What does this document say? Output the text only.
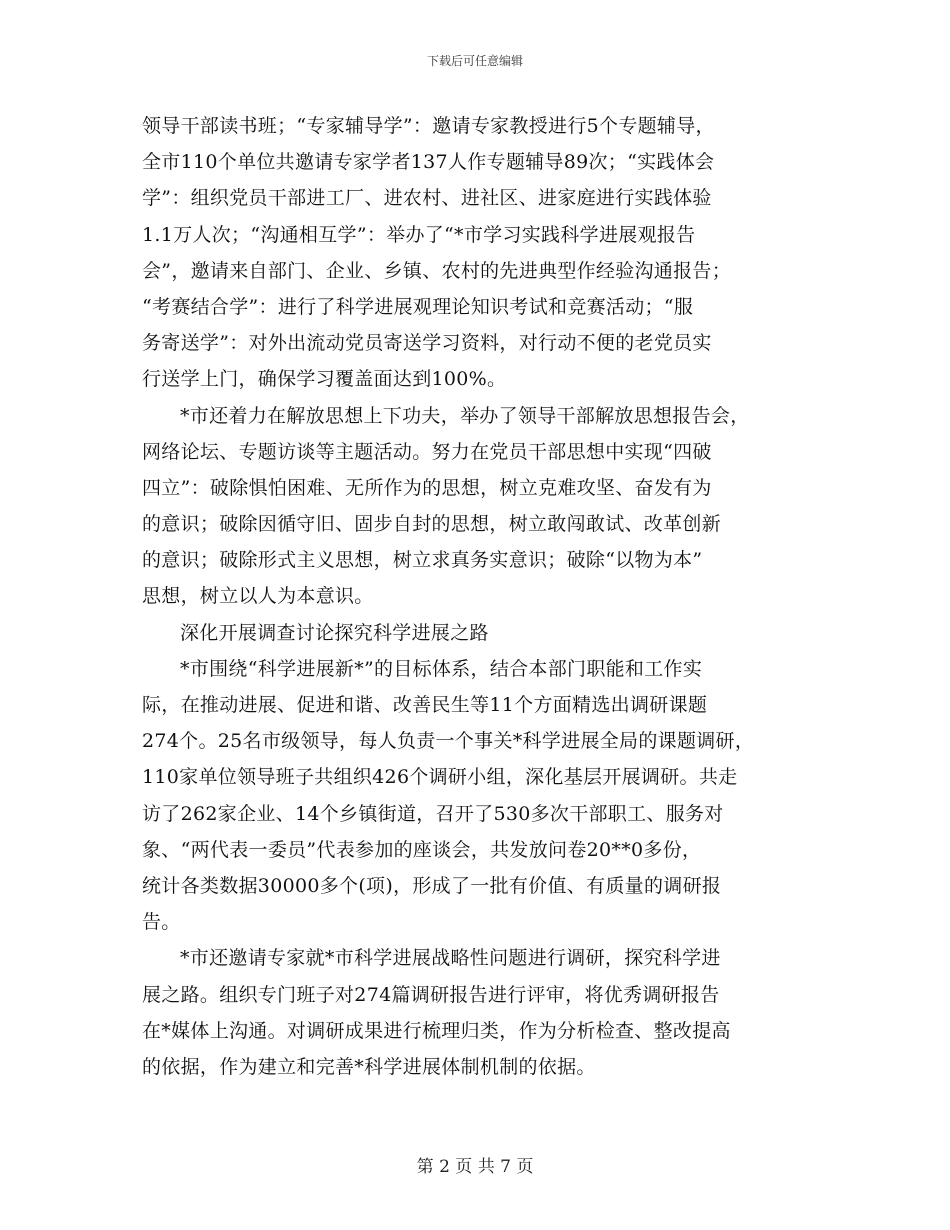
下载后可任意编辑
领导干部读书班；“专家辅导学”：邀请专家教授进行5个专题辅导，
全市110个单位共邀请专家学者137人作专题辅导89次；“实践体会
学”：组织党员干部进工厂、进农村、进社区、进家庭进行实践体验
1.1万人次；“沟通相互学”：举办了“*市学习实践科学进展观报告
会”，邀请来自部门、企业、乡镇、农村的先进典型作经验沟通报告；
“考赛结合学”：进行了科学进展观理论知识考试和竞赛活动；“服
务寄送学”：对外出流动党员寄送学习资料，对行动不便的老党员实
行送学上门，确保学习覆盖面达到100%。
*市还着力在解放思想上下功夫，举办了领导干部解放思想报告会，
网络论坛、专题访谈等主题活动。努力在党员干部思想中实现“四破
四立”：破除惧怕困难、无所作为的思想，树立克难攻坚、奋发有为
的意识；破除因循守旧、固步自封的思想，树立敢闯敢试、改革创新
的意识；破除形式主义思想，树立求真务实意识；破除“以物为本”
思想，树立以人为本意识。
深化开展调查讨论探究科学进展之路
*市围绕“科学进展新*”的目标体系，结合本部门职能和工作实
际，在推动进展、促进和谐、改善民生等11个方面精选出调研课题
274个。25名市级领导，每人负责一个事关*科学进展全局的课题调研，
110家单位领导班子共组织426个调研小组，深化基层开展调研。共走
访了262家企业、14个乡镇街道，召开了530多次干部职工、服务对
象、“两代表一委员”代表参加的座谈会，共发放问卷20**0多份，
统计各类数据30000多个(项)，形成了一批有价值、有质量的调研报
告。
*市还邀请专家就*市科学进展战略性问题进行调研，探究科学进
展之路。组织专门班子对274篇调研报告进行评审，将优秀调研报告
在*媒体上沟通。对调研成果进行梳理归类，作为分析检查、整改提高
的依据，作为建立和完善*科学进展体制机制的依据。
第 2 页 共 7 页
